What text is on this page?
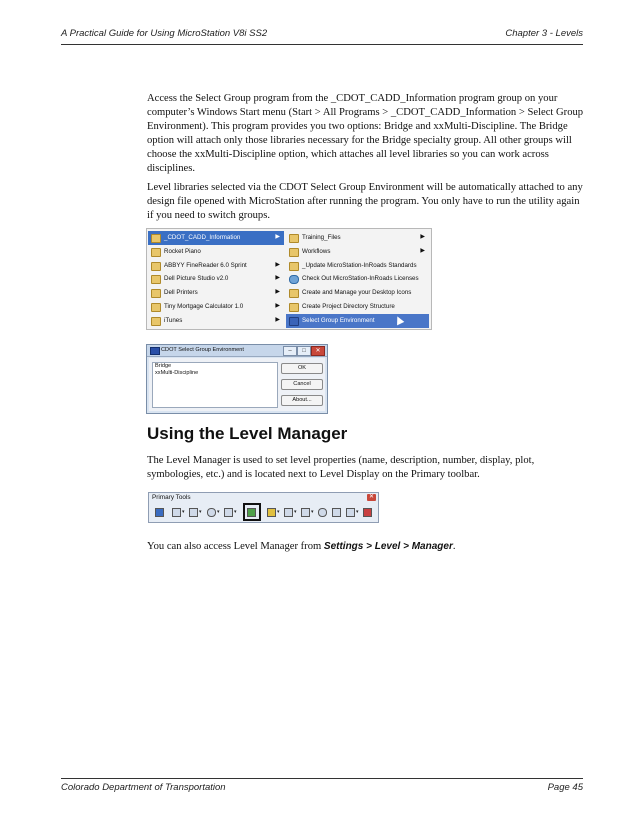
A Practical Guide for Using MicroStation V8i SS2	Chapter 3 - Levels

Access the Select Group program from the _CDOT_CADD_Information program group on your computer’s Windows Start menu (Start > All Programs > _CDOT_CADD_Information > Select Group Environment). This program provides you two options: Bridge and xxMulti-Discipline. The Bridge option will attach only those libraries necessary for the Bridge specialty group. All other groups will choose the xxMulti-Discipline option, which attaches all level libraries so you can work across disciplines.

Level libraries selected via the CDOT Select Group Environment will be automatically attached to any design file opened with MicroStation after running the program. You only have to run the utility again if you need to switch groups.

_CDOT_CADD_Information	▶
Rocket Piano
ABBYY FineReader 6.0 Sprint	▶
Dell Picture Studio v2.0	▶
Dell Printers	▶
Tiny Mortgage Calculator 1.0	▶
iTunes	▶
Training_Files	▶
Workflows	▶
_Update MicroStation-InRoads Standards
Check Out MicroStation-InRoads Licenses
Create and Manage your Desktop Icons
Create Project Directory Structure
Select Group Environment
CDOT Select Group Environment	–	□	✕
Bridge
xxMulti-Discipline
OK
Cancel
About...
Using the Level Manager

The Level Manager is used to set level properties (name, description, number, display, plot, symbologies, etc.) and is located next to Level Display on the Primary toolbar.

Primary Tools	✕
▾	▾	▾	▾	▾	▾	▾	▾

You can also access Level Manager from Settings > Level > Manager.

Colorado Department of Transportation	Page 45
